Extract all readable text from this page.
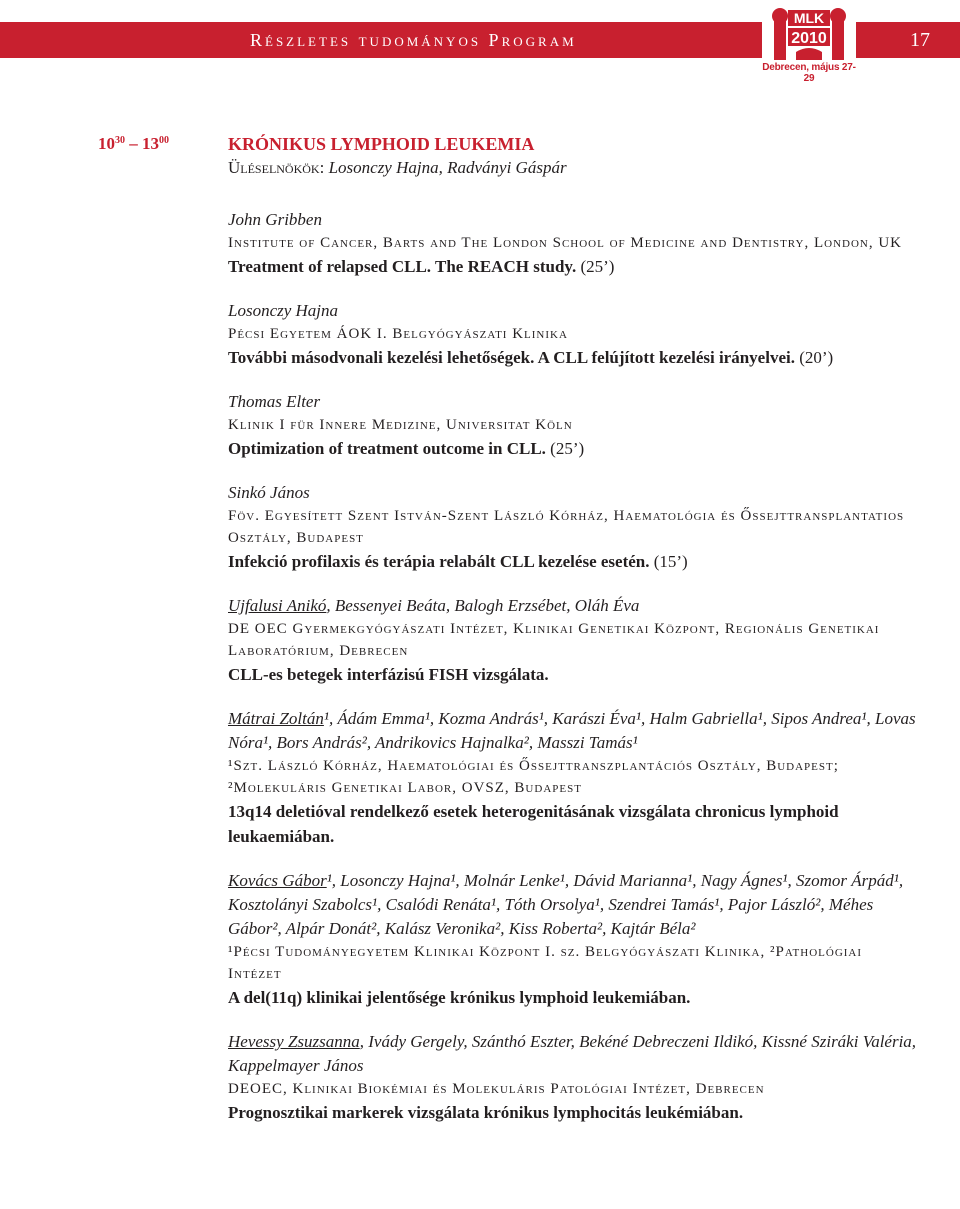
Részletes tudományos Program	17
MLK
2010
Debrecen, május 27-29
$10^{30} - 13^{00}$	KRÓNIKUS LYMPHOID LEUKEMIA
Üléselnökök: Losonczy Hajna, Radványi Gáspár
John Gribben
Institute of Cancer, Barts and The London School of Medicine and Dentistry, London, UK
Treatment of relapsed CLL. The REACH study. (25’)
Losonczy Hajna
Pécsi Egyetem ÁOK I. Belgyógyászati Klinika
További másodvonali kezelési lehetőségek. A CLL felújított kezelési irányelvei. (20’)
Thomas Elter
Klinik I für Innere Medizine, Universitat Köln
Optimization of treatment outcome in CLL. (25’)
Sinkó János
Föv. Egyesített Szent István-Szent László Kórház, Haematológia és Őssejttransplantatios Osztály, Budapest
Infekció profilaxis és terápia relabált CLL kezelése esetén. (15’)
Ujfalusi Anikó, Bessenyei Beáta, Balogh Erzsébet, Oláh Éva
DE OEC Gyermekgyógyászati Intézet, Klinikai Genetikai Központ, Regionális Genetikai Laboratórium, Debrecen
CLL-es betegek interfázisú FISH vizsgálata.
Mátrai Zoltán¹, Ádám Emma¹, Kozma András¹, Karászi Éva¹, Halm Gabriella¹, Sipos Andrea¹, Lovas Nóra¹, Bors András², Andrikovics Hajnalka², Masszi Tamás¹
¹Szt. László Kórház, Haematológiai és Őssejttranszplantációs Osztály, Budapest; ²Molekuláris Genetikai Labor, OVSZ, Budapest
13q14 deletióval rendelkező esetek heterogenitásának vizsgálata chronicus lymphoid leukaemiában.
Kovács Gábor¹, Losonczy Hajna¹, Molnár Lenke¹, Dávid Marianna¹, Nagy Ágnes¹, Szomor Árpád¹, Kosztolányi Szabolcs¹, Csalódi Renáta¹, Tóth Orsolya¹, Szendrei Tamás¹, Pajor László², Méhes Gábor², Alpár Donát², Kalász Veronika², Kiss Roberta², Kajtár Béla²
¹Pécsi Tudományegyetem Klinikai Központ I. sz. Belgyógyászati Klinika, ²Pathológiai Intézet
A del(11q) klinikai jelentősége krónikus lymphoid leukemiában.
Hevessy Zsuzsanna, Ivády Gergely, Szánthó Eszter, Bekéné Debreczeni Ildikó, Kissné Sziráki Valéria, Kappelmayer János
DEOEC, Klinikai Biokémiai és Molekuláris Patológiai Intézet, Debrecen
Prognosztikai markerek vizsgálata krónikus lymphocitás leukémiában.
